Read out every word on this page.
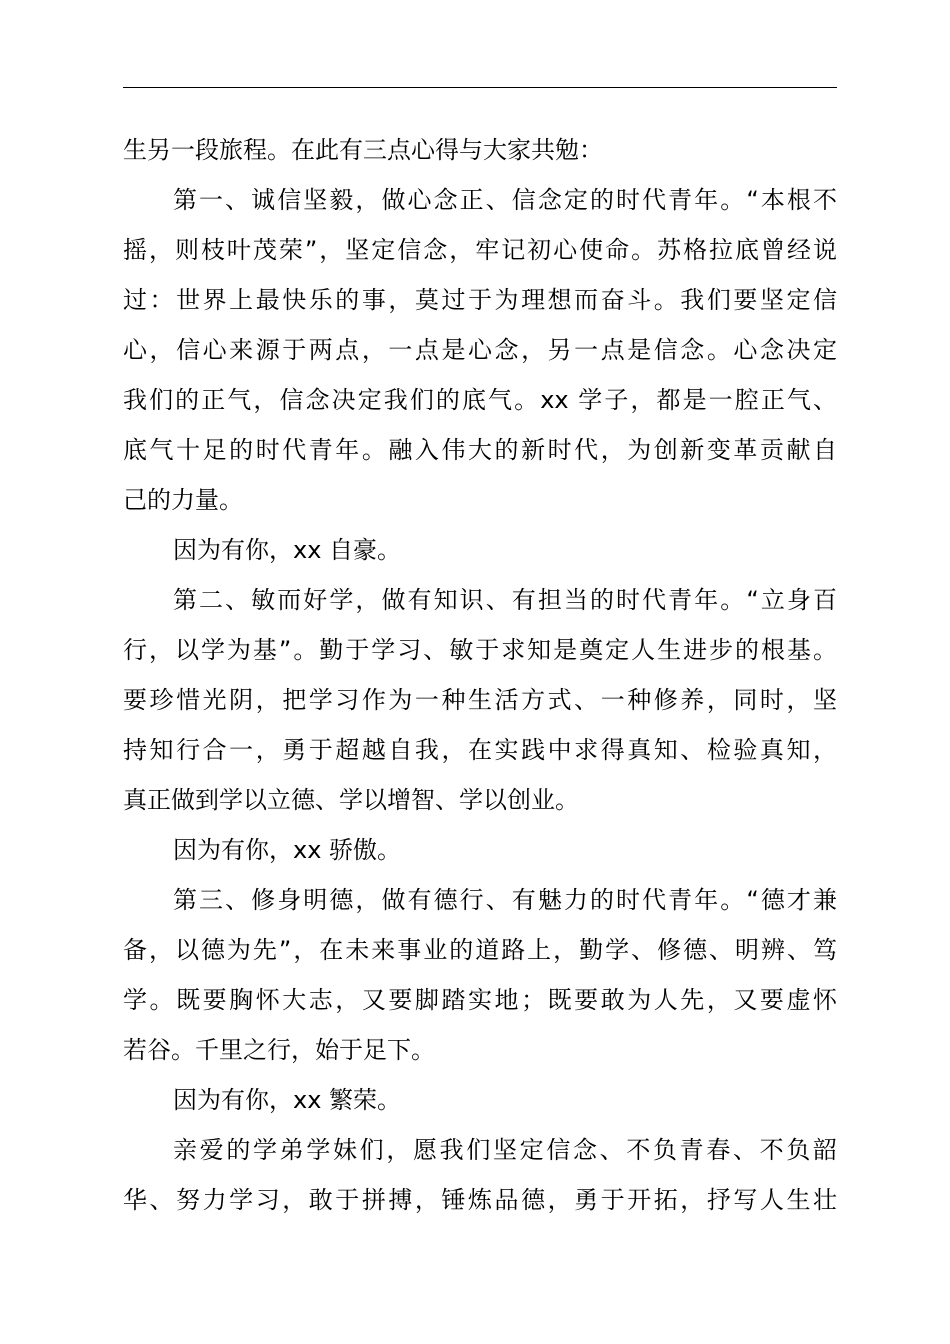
生另一段旅程。在此有三点心得与大家共勉：
第一、诚信坚毅，做心念正、信念定的时代青年。“本根不
摇，则枝叶茂荣”，坚定信念，牢记初心使命。苏格拉底曾经说
过：世界上最快乐的事，莫过于为理想而奋斗。我们要坚定信
心，信心来源于两点，一点是心念，另一点是信念。心念决定
我们的正气，信念决定我们的底气。xx 学子，都是一腔正气、
底气十足的时代青年。融入伟大的新时代，为创新变革贡献自
己的力量。
因为有你，xx 自豪。
第二、敏而好学，做有知识、有担当的时代青年。“立身百
行，以学为基”。勤于学习、敏于求知是奠定人生进步的根基。
要珍惜光阴，把学习作为一种生活方式、一种修养，同时，坚
持知行合一，勇于超越自我，在实践中求得真知、检验真知，
真正做到学以立德、学以增智、学以创业。
因为有你，xx 骄傲。
第三、修身明德，做有德行、有魅力的时代青年。“德才兼
备，以德为先”，在未来事业的道路上，勤学、修德、明辨、笃
学。既要胸怀大志，又要脚踏实地；既要敢为人先，又要虚怀
若谷。千里之行，始于足下。
因为有你，xx 繁荣。
亲爱的学弟学妹们，愿我们坚定信念、不负青春、不负韶
华、努力学习，敢于拼搏，锤炼品德，勇于开拓，抒写人生壮
